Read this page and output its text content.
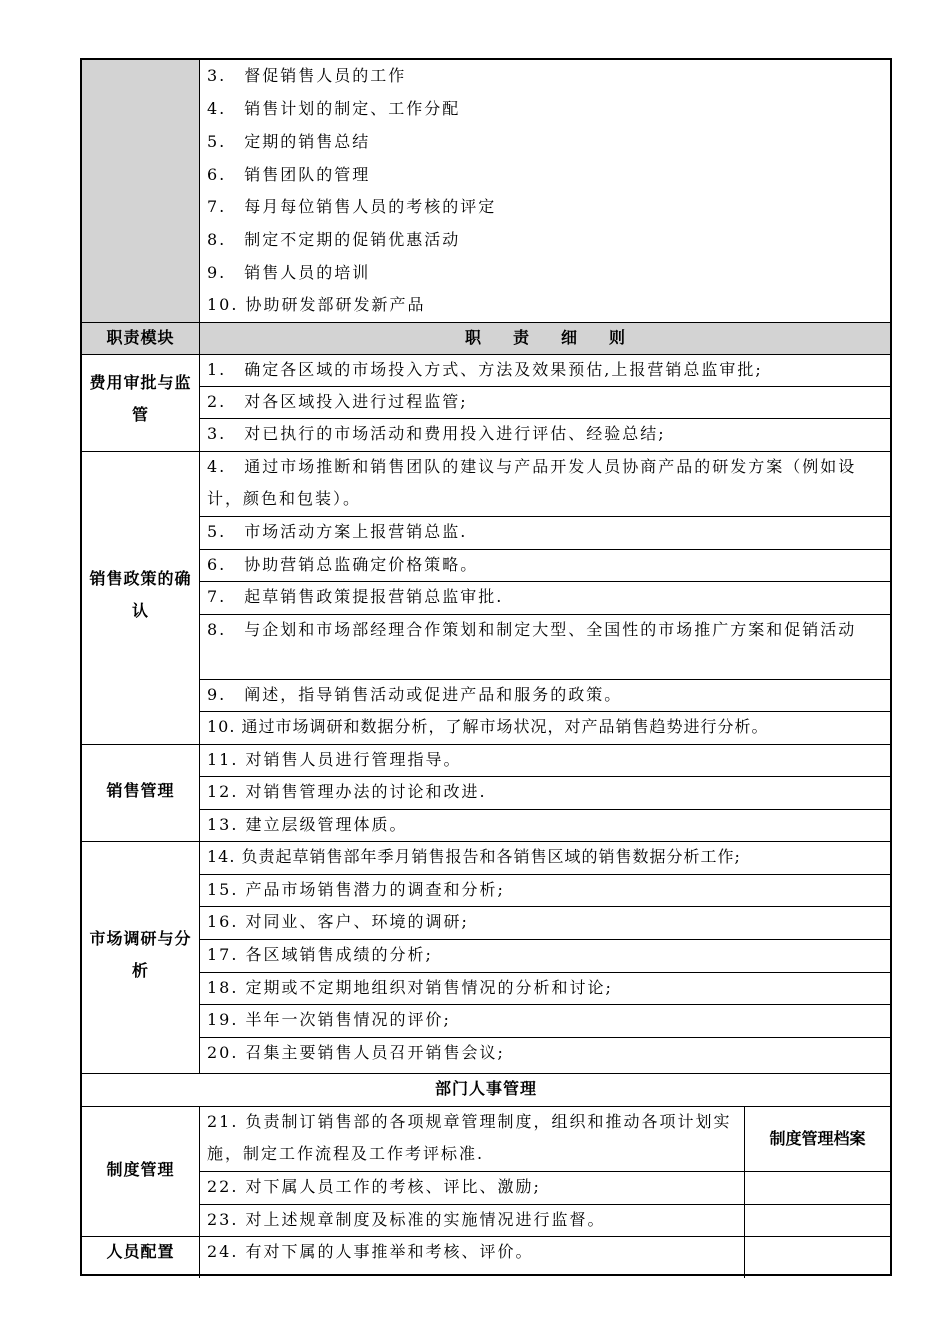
3.　督促销售人员的工作
4.　销售计划的制定、工作分配
5.　定期的销售总结
6.　销售团队的管理
7.　每月每位销售人员的考核的评定
8.　制定不定期的促销优惠活动
9.　销售人员的培训
10. 协助研发部研发新产品
职责模块	职　　责　　细　　则
费用审批与监管
销售政策的确认
销售管理
市场调研与分析
部门人事管理
制度管理
人员配置
1.　确定各区域的市场投入方式、方法及效果预估,上报营销总监审批;
2.　对各区域投入进行过程监管;
3.　对已执行的市场活动和费用投入进行评估、经验总结;
4.　通过市场推断和销售团队的建议与产品开发人员协商产品的研发方案（例如设计，颜色和包装）。
5.　市场活动方案上报营销总监.
6.　协助营销总监确定价格策略。
7.　起草销售政策提报营销总监审批.
8.　与企划和市场部经理合作策划和制定大型、全国性的市场推广方案和促销活动
9.　阐述，指导销售活动或促进产品和服务的政策。
10. 通过市场调研和数据分析，了解市场状况，对产品销售趋势进行分析。
11. 对销售人员进行管理指导。
12. 对销售管理办法的讨论和改进.
13. 建立层级管理体质。
14. 负责起草销售部年季月销售报告和各销售区域的销售数据分析工作;
15. 产品市场销售潜力的调查和分析;
16. 对同业、客户、环境的调研;
17. 各区域销售成绩的分析;
18. 定期或不定期地组织对销售情况的分析和讨论;
19. 半年一次销售情况的评价;
20. 召集主要销售人员召开销售会议;
21. 负责制订销售部的各项规章管理制度，组织和推动各项计划实施，制定工作流程及工作考评标准.
制度管理档案
22. 对下属人员工作的考核、评比、激励;
23. 对上述规章制度及标准的实施情况进行监督。
24. 有对下属的人事推举和考核、评价。
